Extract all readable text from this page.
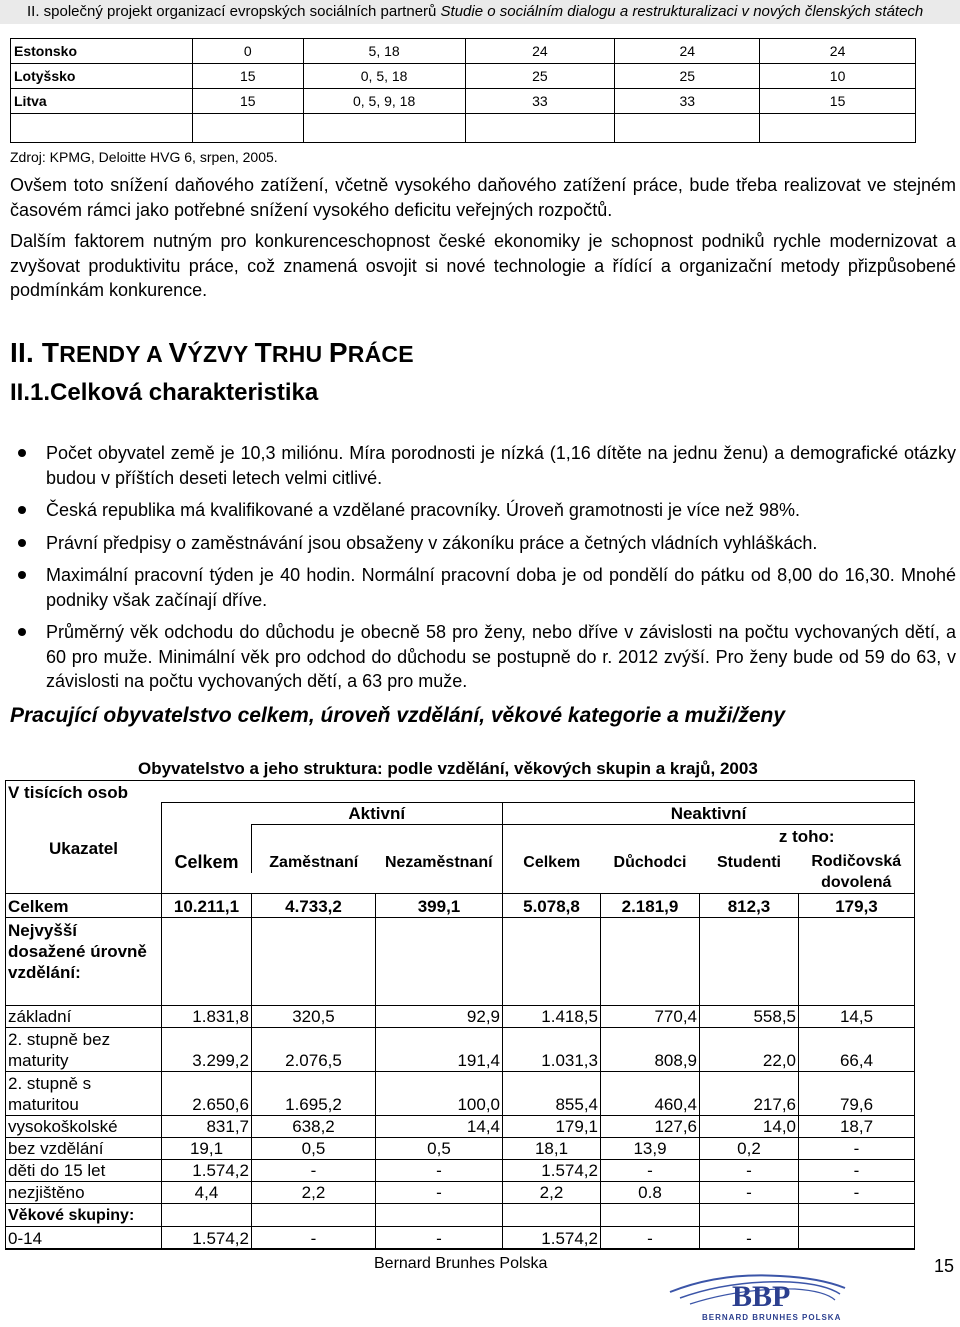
II. společný projekt organizací evropských sociálních partnerů Studie o sociálním dialogu a restrukturalizaci v nových členských státech
Estonsko	0	5, 18	24	24	24
Lotyšsko	15	0, 5, 18	25	25	10
Litva	15	0, 5, 9, 18	33	33	15

Zdroj: KPMG, Deloitte HVG 6, srpen, 2005.

Ovšem toto snížení daňového zatížení, včetně vysokého daňového zatížení práce, bude třeba realizovat ve stejném časovém rámci jako potřebné snížení vysokého deficitu veřejných rozpočtů.

Dalším faktorem nutným pro konkurenceschopnost české ekonomiky je schopnost podniků rychle modernizovat a zvyšovat produktivitu práce, což znamená osvojit si nové technologie a řídící a organizační metody přizpůsobené podmínkám konkurence.

II. TRENDY A VÝZVY TRHU PRÁCE
II.1.Celková charakteristika
Počet obyvatel země je 10,3 miliónu. Míra porodnosti je nízká (1,16 dítěte na jednu ženu) a demografické otázky budou v příštích deseti letech velmi citlivé.
Česká republika má kvalifikované a vzdělané pracovníky. Úroveň gramotnosti je více než 98%.
Právní předpisy o zaměstnávání jsou obsaženy v zákoníku práce a četných vládních vyhláškách.
Maximální pracovní týden je 40 hodin. Normální pracovní doba je od pondělí do pátku od 8,00 do 16,30. Mnohé podniky však začínají dříve.
Průměrný věk odchodu do důchodu je obecně 58 pro ženy, nebo dříve v závislosti na počtu vychovaných dětí, a 60 pro muže. Minimální věk pro odchod do důchodu se postupně do r. 2012 zvýší. Pro ženy bude od 59 do 63, v závislosti na počtu vychovaných dětí, a 63 pro muže.
Pracující obyvatelstvo celkem, úroveň vzdělání, věkové kategorie a muži/ženy
Obyvatelstvo a jeho struktura: podle vzdělání, věkových skupin a krajů, 2003
V tisících osob							
		Aktivní		Neaktivní			
Ukazatel						z toho:	
	Celkem	Zaměstnaní	Nezaměstnaní	Celkem	Důchodci	Studenti	Rodičovská dovolená

Celkem	10.211,1	4.733,2	399,1	5.078,8	2.181,9	812,3	179,3
Nejvyšší dosažené úrovně vzdělání:							
základní	1.831,8	320,5	92,9	1.418,5	770,4	558,5	14,5
2. stupně bez maturity	3.299,2	2.076,5	191,4	1.031,3	808,9	22,0	66,4
2. stupně s maturitou	2.650,6	1.695,2	100,0	855,4	460,4	217,6	79,6
vysokoškolské	831,7	638,2	14,4	179,1	127,6	14,0	18,7
bez vzdělání	19,1	0,5	0,5	18,1	13,9	0,2	-
děti do 15 let	1.574,2	-	-	1.574,2	-	-	-
nezjištěno	4,4	2,2	-	2,2	0.8	-	-
Věkové skupiny:							
0-14	1.574,2	-	-	1.574,2	-	-	
Bernard Brunhes Polska	15
BBP
BERNARD BRUNHES POLSKA
